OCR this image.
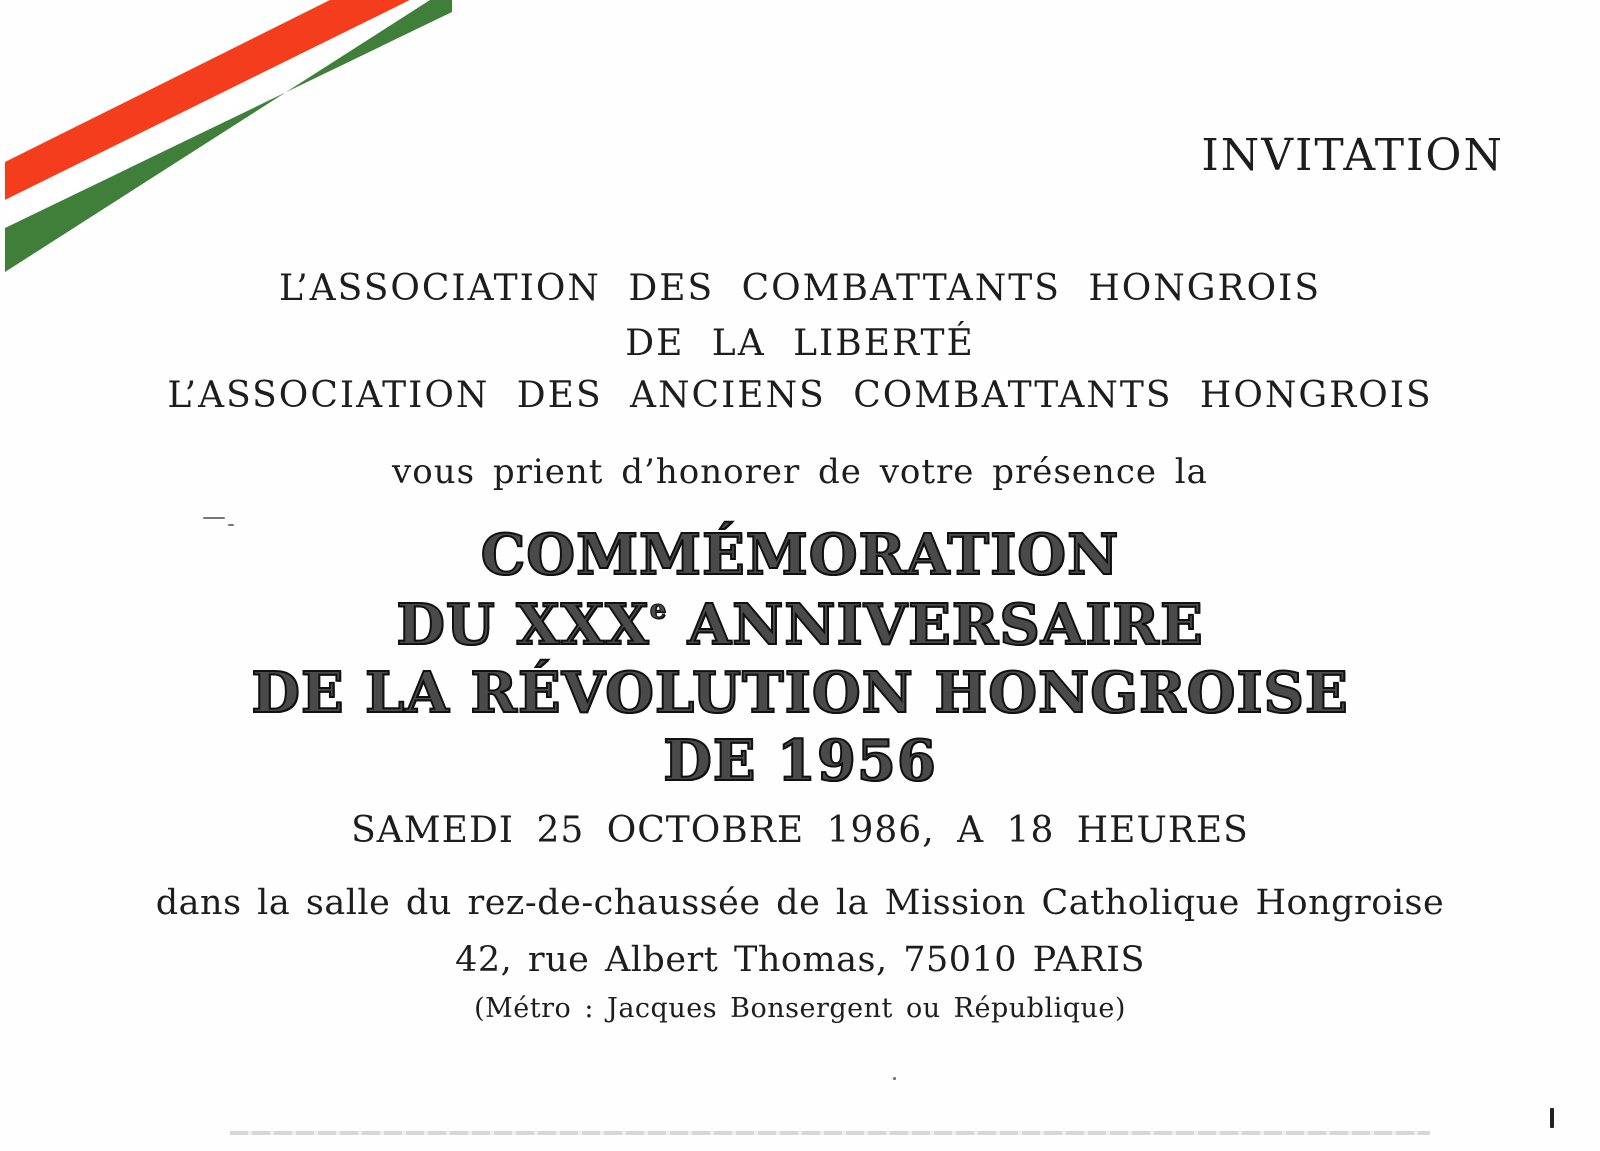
INVITATION
L’ASSOCIATION DES COMBATTANTS HONGROIS
DE LA LIBERTÉ
L’ASSOCIATION DES ANCIENS COMBATTANTS HONGROIS
vous prient d’honorer de votre présence la
COMMÉMORATION
DU XXXe ANNIVERSAIRE
DE LA RÉVOLUTION HONGROISE
DE 1956
SAMEDI 25 OCTOBRE 1986, A 18 HEURES
dans la salle du rez-de-chaussée de la Mission Catholique Hongroise
42, rue Albert Thomas, 75010 PARIS
(Métro : Jacques Bonsergent ou République)
